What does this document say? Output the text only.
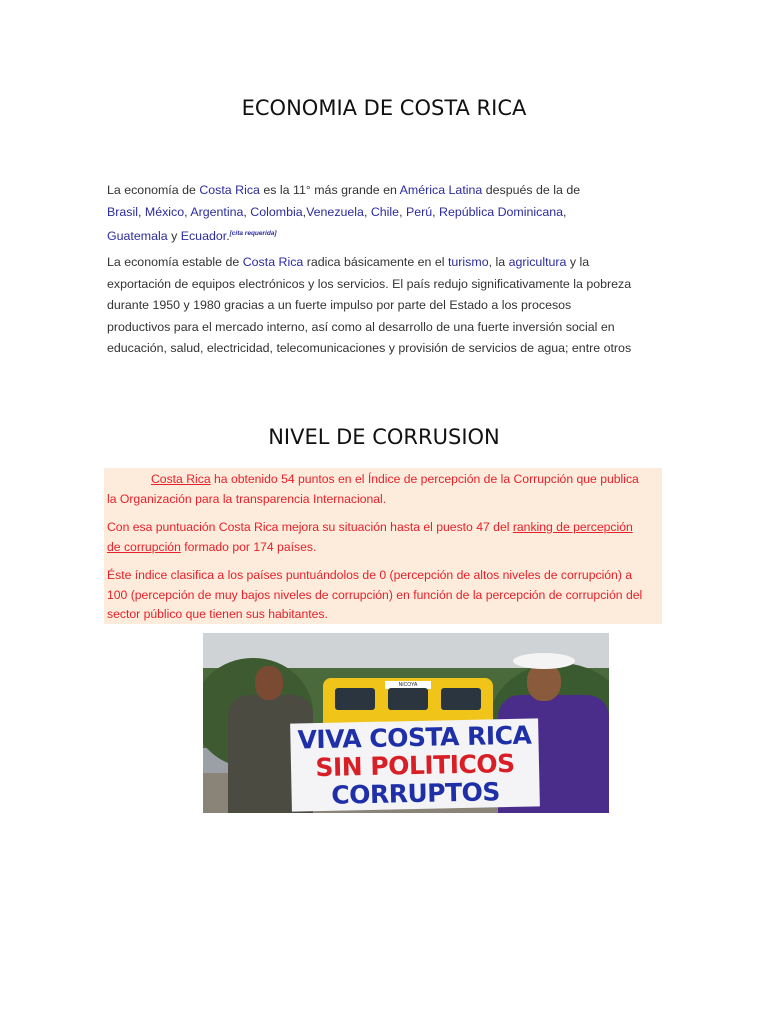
ECONOMIA DE COSTA RICA

La economía de Costa Rica es la 11° más grande en América Latina después de la de Brasil, México, Argentina, Colombia,Venezuela, Chile, Perú, República Dominicana, Guatemala y Ecuador.[cita requerida]

La economía estable de Costa Rica radica básicamente en el turismo, la agricultura y la exportación de equipos electrónicos y los servicios. El país redujo significativamente la pobreza durante 1950 y 1980 gracias a un fuerte impulso por parte del Estado a los procesos productivos para el mercado interno, así como al desarrollo de una fuerte inversión social en educación, salud, electricidad, telecomunicaciones y provisión de servicios de agua; entre otros

NIVEL DE CORRUSION

Costa Rica ha obtenido 54 puntos en el Índice de percepción de la Corrupción que publica la Organización para la transparencia Internacional.

Con esa puntuación Costa Rica mejora su situación hasta el puesto 47 del ranking de percepción de corrupción formado por 174 países.

Éste índice clasifica a los países puntuándolos de 0 (percepción de altos niveles de corrupción) a 100 (percepción de muy bajos niveles de corrupción) en función de la percepción de corrupción del sector público que tienen sus habitantes.

NICOYA
VIVA COSTA RICA
SIN POLITICOS
CORRUPTOS
